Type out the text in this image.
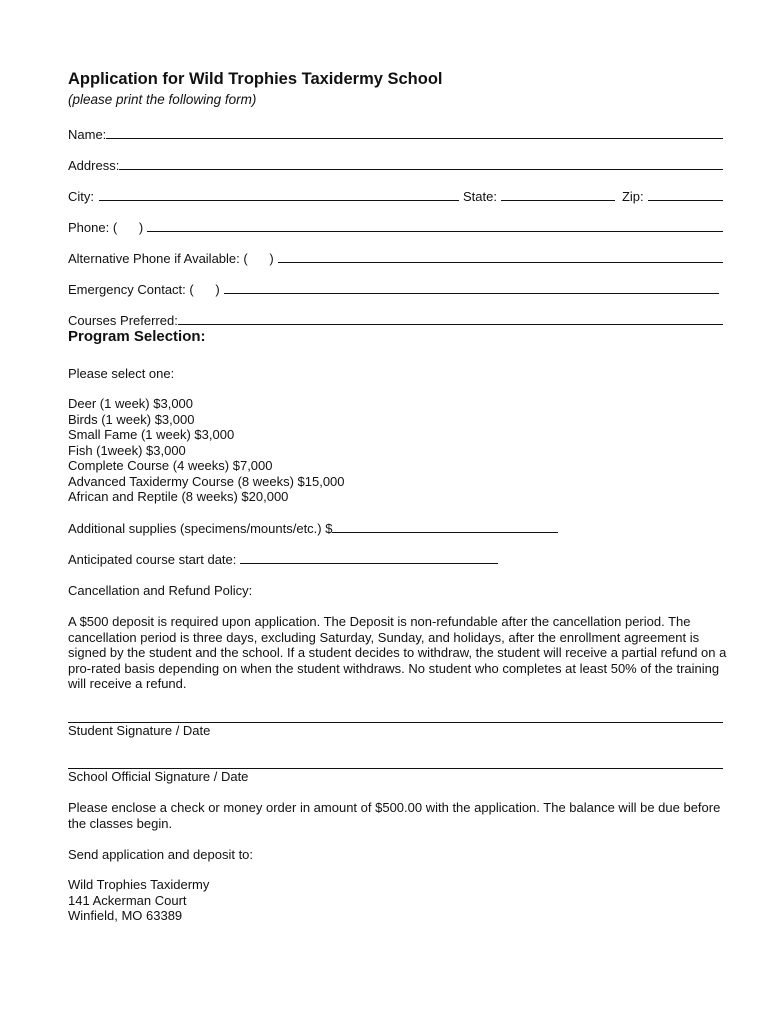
Application for Wild Trophies Taxidermy School
(please print the following form)
Name:
Address:
City:	State:	Zip:
Phone: (      )
Alternative Phone if Available: (      )
Emergency Contact: (      )
Courses Preferred:
Program Selection:
Please select one:
Deer (1 week) $3,000
Birds (1 week) $3,000
Small Fame (1 week) $3,000
Fish (1week) $3,000
Complete Course (4 weeks) $7,000
Advanced Taxidermy Course (8 weeks) $15,000
African and Reptile (8 weeks) $20,000
Additional supplies (specimens/mounts/etc.) $
Anticipated course start date:
Cancellation and Refund Policy:
A $500 deposit is required upon application. The Deposit is non-refundable after the cancellation period. The cancellation period is three days, excluding Saturday, Sunday, and holidays, after the enrollment agreement is signed by the student and the school. If a student decides to withdraw, the student will receive a partial refund on a pro-rated basis depending on when the student withdraws. No student who completes at least 50% of the training will receive a refund.
Student Signature / Date
School Official Signature / Date
Please enclose a check or money order in amount of $500.00 with the application. The balance will be due before the classes begin.
Send application and deposit to:
Wild Trophies Taxidermy
141 Ackerman Court
Winfield, MO 63389
